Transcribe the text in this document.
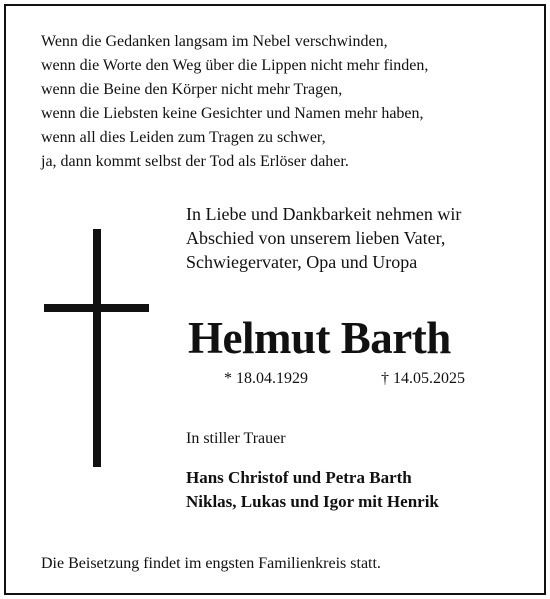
Wenn die Gedanken langsam im Nebel verschwinden,
wenn die Worte den Weg über die Lippen nicht mehr finden,
wenn die Beine den Körper nicht mehr Tragen,
wenn die Liebsten keine Gesichter und Namen mehr haben,
wenn all dies Leiden zum Tragen zu schwer,
ja, dann kommt selbst der Tod als Erlöser daher.
In Liebe und Dankbarkeit nehmen wir
Abschied von unserem lieben Vater,
Schwiegervater, Opa und Uropa
Helmut Barth
* 18.04.1929	† 14.05.2025
In stiller Trauer
Hans Christof und Petra Barth
Niklas, Lukas und Igor mit Henrik
Die Beisetzung findet im engsten Familienkreis statt.
